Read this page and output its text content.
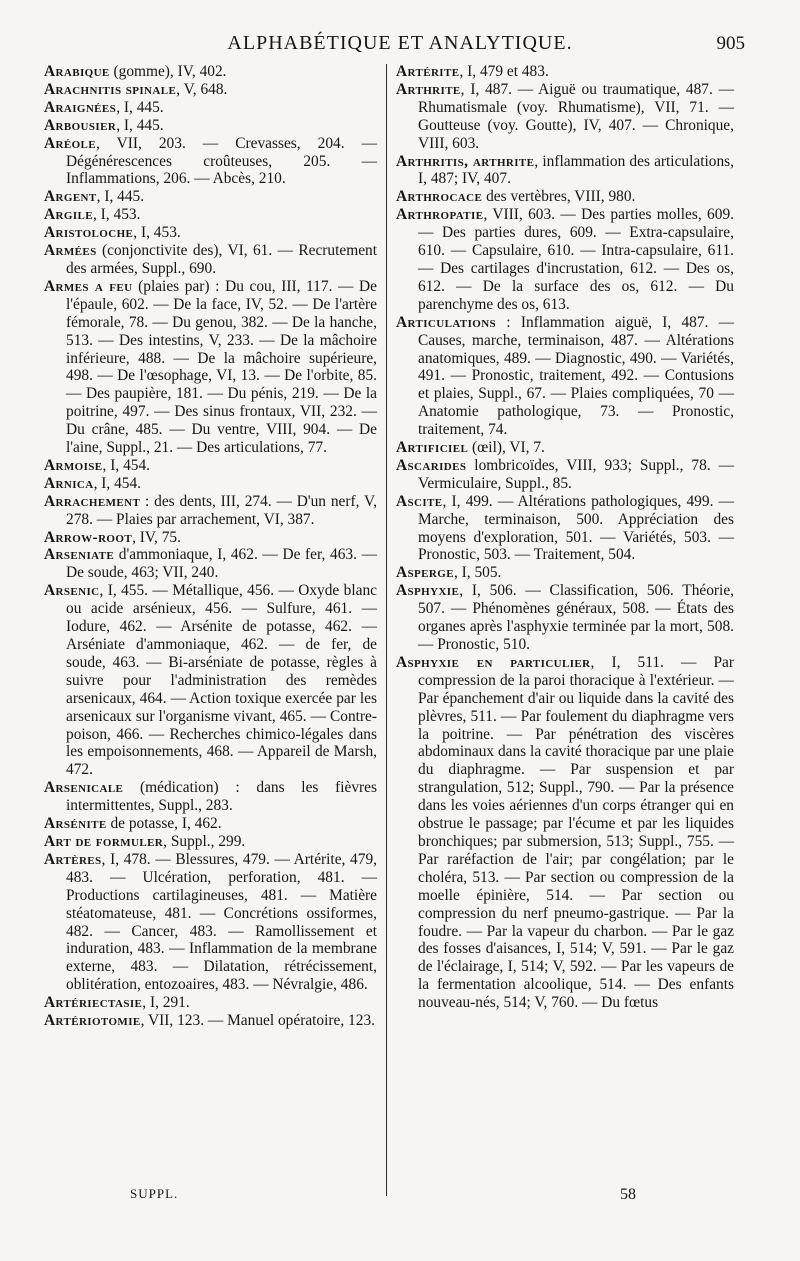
ALPHABÉTIQUE ET ANALYTIQUE.	905

Arabique (gomme), IV, 402.

Arachnitis spinale, V, 648.

Araignées, I, 445.

Arbousier, I, 445.

Aréole, VII, 203. — Crevasses, 204. — Dégénérescences croûteuses, 205. — Inflammations, 206. — Abcès, 210.

Argent, I, 445.

Argile, I, 453.

Aristoloche, I, 453.

Armées (conjonctivite des), VI, 61. — Recrutement des armées, Suppl., 690.

Armes a feu (plaies par) : Du cou, III, 117. — De l'épaule, 602. — De la face, IV, 52. — De l'artère fémorale, 78. — Du genou, 382. — De la hanche, 513. — Des intestins, V, 233. — De la mâchoire inférieure, 488. — De la mâchoire supérieure, 498. — De l'œsophage, VI, 13. — De l'orbite, 85. — Des paupière, 181. — Du pénis, 219. — De la poitrine, 497. — Des sinus frontaux, VII, 232. — Du crâne, 485. — Du ventre, VIII, 904. — De l'aine, Suppl., 21. — Des articulations, 77.

Armoise, I, 454.

Arnica, I, 454.

Arrachement : des dents, III, 274. — D'un nerf, V, 278. — Plaies par arrachement, VI, 387.

Arrow-root, IV, 75.

Arseniate d'ammoniaque, I, 462. — De fer, 463. — De soude, 463; VII, 240.

Arsenic, I, 455. — Métallique, 456. — Oxyde blanc ou acide arsénieux, 456. — Sulfure, 461. — Iodure, 462. — Arsénite de potasse, 462. — Arséniate d'ammoniaque, 462. — de fer, de soude, 463. — Bi-arséniate de potasse, règles à suivre pour l'administration des remèdes arsenicaux, 464. — Action toxique exercée par les arsenicaux sur l'organisme vivant, 465. — Contre-poison, 466. — Recherches chimico-légales dans les empoisonnements, 468. — Appareil de Marsh, 472.

Arsenicale (médication) : dans les fièvres intermittentes, Suppl., 283.

Arsénite de potasse, I, 462.

Art de formuler, Suppl., 299.

Artères, I, 478. — Blessures, 479. — Artérite, 479, 483. — Ulcération, perforation, 481. — Productions cartilagineuses, 481. — Matière stéatomateuse, 481. — Concrétions ossiformes, 482. — Cancer, 483. — Ramollissement et induration, 483. — Inflammation de la membrane externe, 483. — Dilatation, rétrécissement, oblitération, entozoaires, 483. — Névralgie, 486.

Artériectasie, I, 291.

Artériotomie, VII, 123. — Manuel opératoire, 123.

Artérite, I, 479 et 483.

Arthrite, I, 487. — Aiguë ou traumatique, 487. — Rhumatismale (voy. Rhumatisme), VII, 71. — Goutteuse (voy. Goutte), IV, 407. — Chronique, VIII, 603.

Arthritis, arthrite, inflammation des articulations, I, 487; IV, 407.

Arthrocace des vertèbres, VIII, 980.

Arthropatie, VIII, 603. — Des parties molles, 609. — Des parties dures, 609. — Extra-capsulaire, 610. — Capsulaire, 610. — Intra-capsulaire, 611. — Des cartilages d'incrustation, 612. — Des os, 612. — De la surface des os, 612. — Du parenchyme des os, 613.

Articulations : Inflammation aiguë, I, 487. — Causes, marche, terminaison, 487. — Altérations anatomiques, 489. — Diagnostic, 490. — Variétés, 491. — Pronostic, traitement, 492. — Contusions et plaies, Suppl., 67. — Plaies compliquées, 70 — Anatomie pathologique, 73. — Pronostic, traitement, 74.

Artificiel (œil), VI, 7.

Ascarides lombricoïdes, VIII, 933; Suppl., 78. — Vermiculaire, Suppl., 85.

Ascite, I, 499. — Altérations pathologiques, 499. — Marche, terminaison, 500. Appréciation des moyens d'exploration, 501. — Variétés, 503. — Pronostic, 503. — Traitement, 504.

Asperge, I, 505.

Asphyxie, I, 506. — Classification, 506. Théorie, 507. — Phénomènes généraux, 508. — États des organes après l'asphyxie terminée par la mort, 508. — Pronostic, 510.

Asphyxie en particulier, I, 511. — Par compression de la paroi thoracique à l'extérieur. — Par épanchement d'air ou liquide dans la cavité des plèvres, 511. — Par foulement du diaphragme vers la poitrine. — Par pénétration des viscères abdominaux dans la cavité thoracique par une plaie du diaphragme. — Par suspension et par strangulation, 512; Suppl., 790. — Par la présence dans les voies aériennes d'un corps étranger qui en obstrue le passage; par l'écume et par les liquides bronchiques; par submersion, 513; Suppl., 755. — Par raréfaction de l'air; par congélation; par le choléra, 513. — Par section ou compression de la moelle épinière, 514. — Par section ou compression du nerf pneumo-gastrique. — Par la foudre. — Par la vapeur du charbon. — Par le gaz des fosses d'aisances, I, 514; V, 591. — Par le gaz de l'éclairage, I, 514; V, 592. — Par les vapeurs de la fermentation alcoolique, 514. — Des enfants nouveau-nés, 514; V, 760. — Du fœtus

SUPPL.	58
